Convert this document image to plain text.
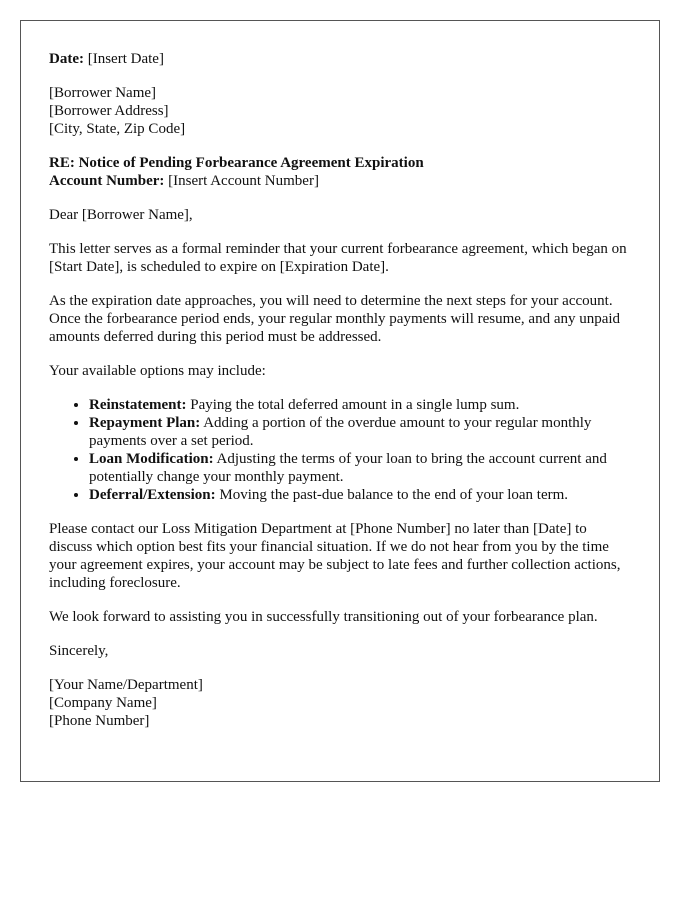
Date: [Insert Date]

[Borrower Name]
[Borrower Address]
[City, State, Zip Code]
RE: Notice of Pending Forbearance Agreement Expiration
Account Number: [Insert Account Number]

Dear [Borrower Name],

This letter serves as a formal reminder that your current forbearance agreement, which began on [Start Date], is scheduled to expire on [Expiration Date].

As the expiration date approaches, you will need to determine the next steps for your account. Once the forbearance period ends, your regular monthly payments will resume, and any unpaid amounts deferred during this period must be addressed.

Your available options may include:

• Reinstatement: Paying the total deferred amount in a single lump sum.
• Repayment Plan: Adding a portion of the overdue amount to your regular monthly payments over a set period.
• Loan Modification: Adjusting the terms of your loan to bring the account current and potentially change your monthly payment.
• Deferral/Extension: Moving the past-due balance to the end of your loan term.

Please contact our Loss Mitigation Department at [Phone Number] no later than [Date] to discuss which option best fits your financial situation. If we do not hear from you by the time your agreement expires, your account may be subject to late fees and further collection actions, including foreclosure.

We look forward to assisting you in successfully transitioning out of your forbearance plan.

Sincerely,

[Your Name/Department]
[Company Name]
[Phone Number]
